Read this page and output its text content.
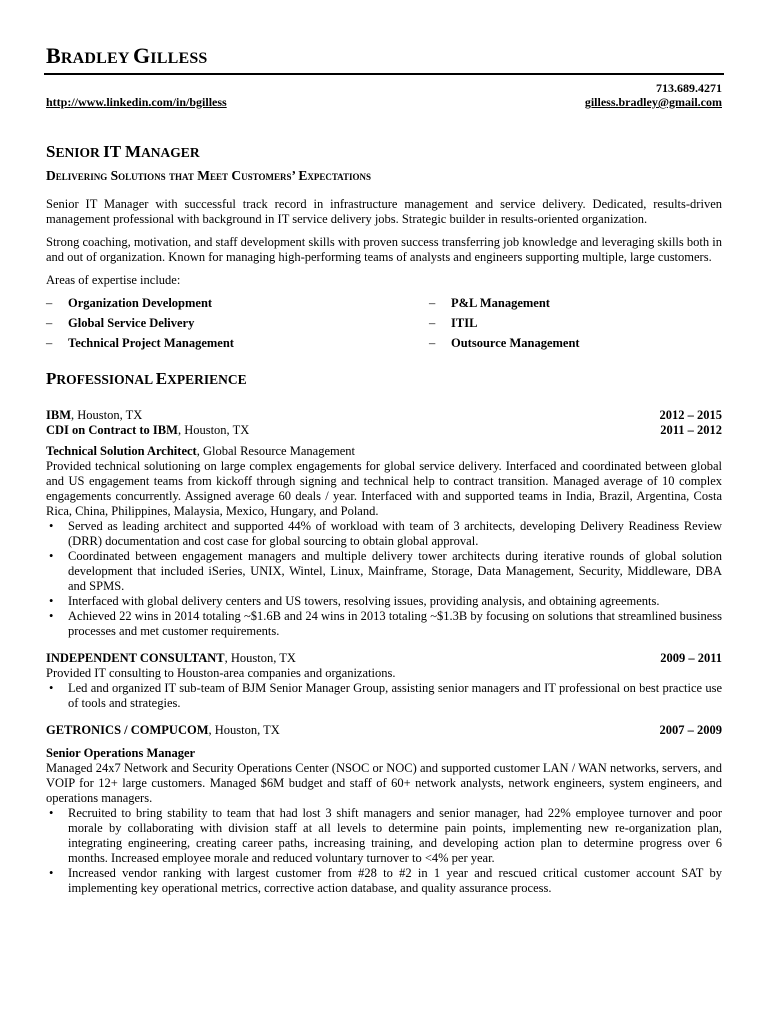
BRADLEY GILLESS
713.689.4271
http://www.linkedin.com/in/bgilless	gilless.bradley@gmail.com
SENIOR IT MANAGER
Delivering Solutions that Meet Customers’ Expectations

Senior IT Manager with successful track record in infrastructure management and service delivery. Dedicated, results-driven management professional with background in IT service delivery jobs. Strategic builder in results-oriented organization.

Strong coaching, motivation, and staff development skills with proven success transferring job knowledge and leveraging skills both in and out of organization. Known for managing high-performing teams of analysts and engineers supporting multiple, large customers.

Areas of expertise include:

–	Organization Development	–	P&L Management
–	Global Service Delivery	–	ITIL
–	Technical Project Management	–	Outsource Management
PROFESSIONAL EXPERIENCE
IBM, Houston, TX	2012 – 2015
CDI on Contract to IBM, Houston, TX	2011 – 2012
Technical Solution Architect, Global Resource Management

Provided technical solutioning on large complex engagements for global service delivery. Interfaced and coordinated between global and US engagement teams from kickoff through signing and technical help to contract transition. Managed average of 10 complex engagements concurrently. Assigned average 60 deals / year. Interfaced with and supported teams in India, Brazil, Argentina, Costa Rica, China, Philippines, Malaysia, Mexico, Hungary, and Poland.

• Served as leading architect and supported 44% of workload with team of 3 architects, developing Delivery Readiness Review (DRR) documentation and cost case for global sourcing to obtain global approval.
• Coordinated between engagement managers and multiple delivery tower architects during iterative rounds of global solution development that included iSeries, UNIX, Wintel, Linux, Mainframe, Storage, Data Management, Security, Middleware, DBA and SPMS.
• Interfaced with global delivery centers and US towers, resolving issues, providing analysis, and obtaining agreements.
• Achieved 22 wins in 2014 totaling ~$1.6B and 24 wins in 2013 totaling ~$1.3B by focusing on solutions that streamlined business processes and met customer requirements.
INDEPENDENT CONSULTANT, Houston, TX	2009 – 2011

Provided IT consulting to Houston-area companies and organizations.

• Led and organized IT sub-team of BJM Senior Manager Group, assisting senior managers and IT professional on best practice use of tools and strategies.
GETRONICS / COMPUCOM, Houston, TX	2007 – 2009
Senior Operations Manager

Managed 24x7 Network and Security Operations Center (NSOC or NOC) and supported customer LAN / WAN networks, servers, and VOIP for 12+ large customers. Managed $6M budget and staff of 60+ network analysts, network engineers, system engineers, and operations managers.

• Recruited to bring stability to team that had lost 3 shift managers and senior manager, had 22% employee turnover and poor morale by collaborating with division staff at all levels to determine pain points, implementing new re-organization plan, integrating engineering, creating career paths, increasing training, and developing action plan to determine progress over 6 months. Increased employee morale and reduced voluntary turnover to <4% per year.
• Increased vendor ranking with largest customer from #28 to #2 in 1 year and rescued critical customer account SAT by implementing key operational metrics, corrective action database, and quality assurance process.
